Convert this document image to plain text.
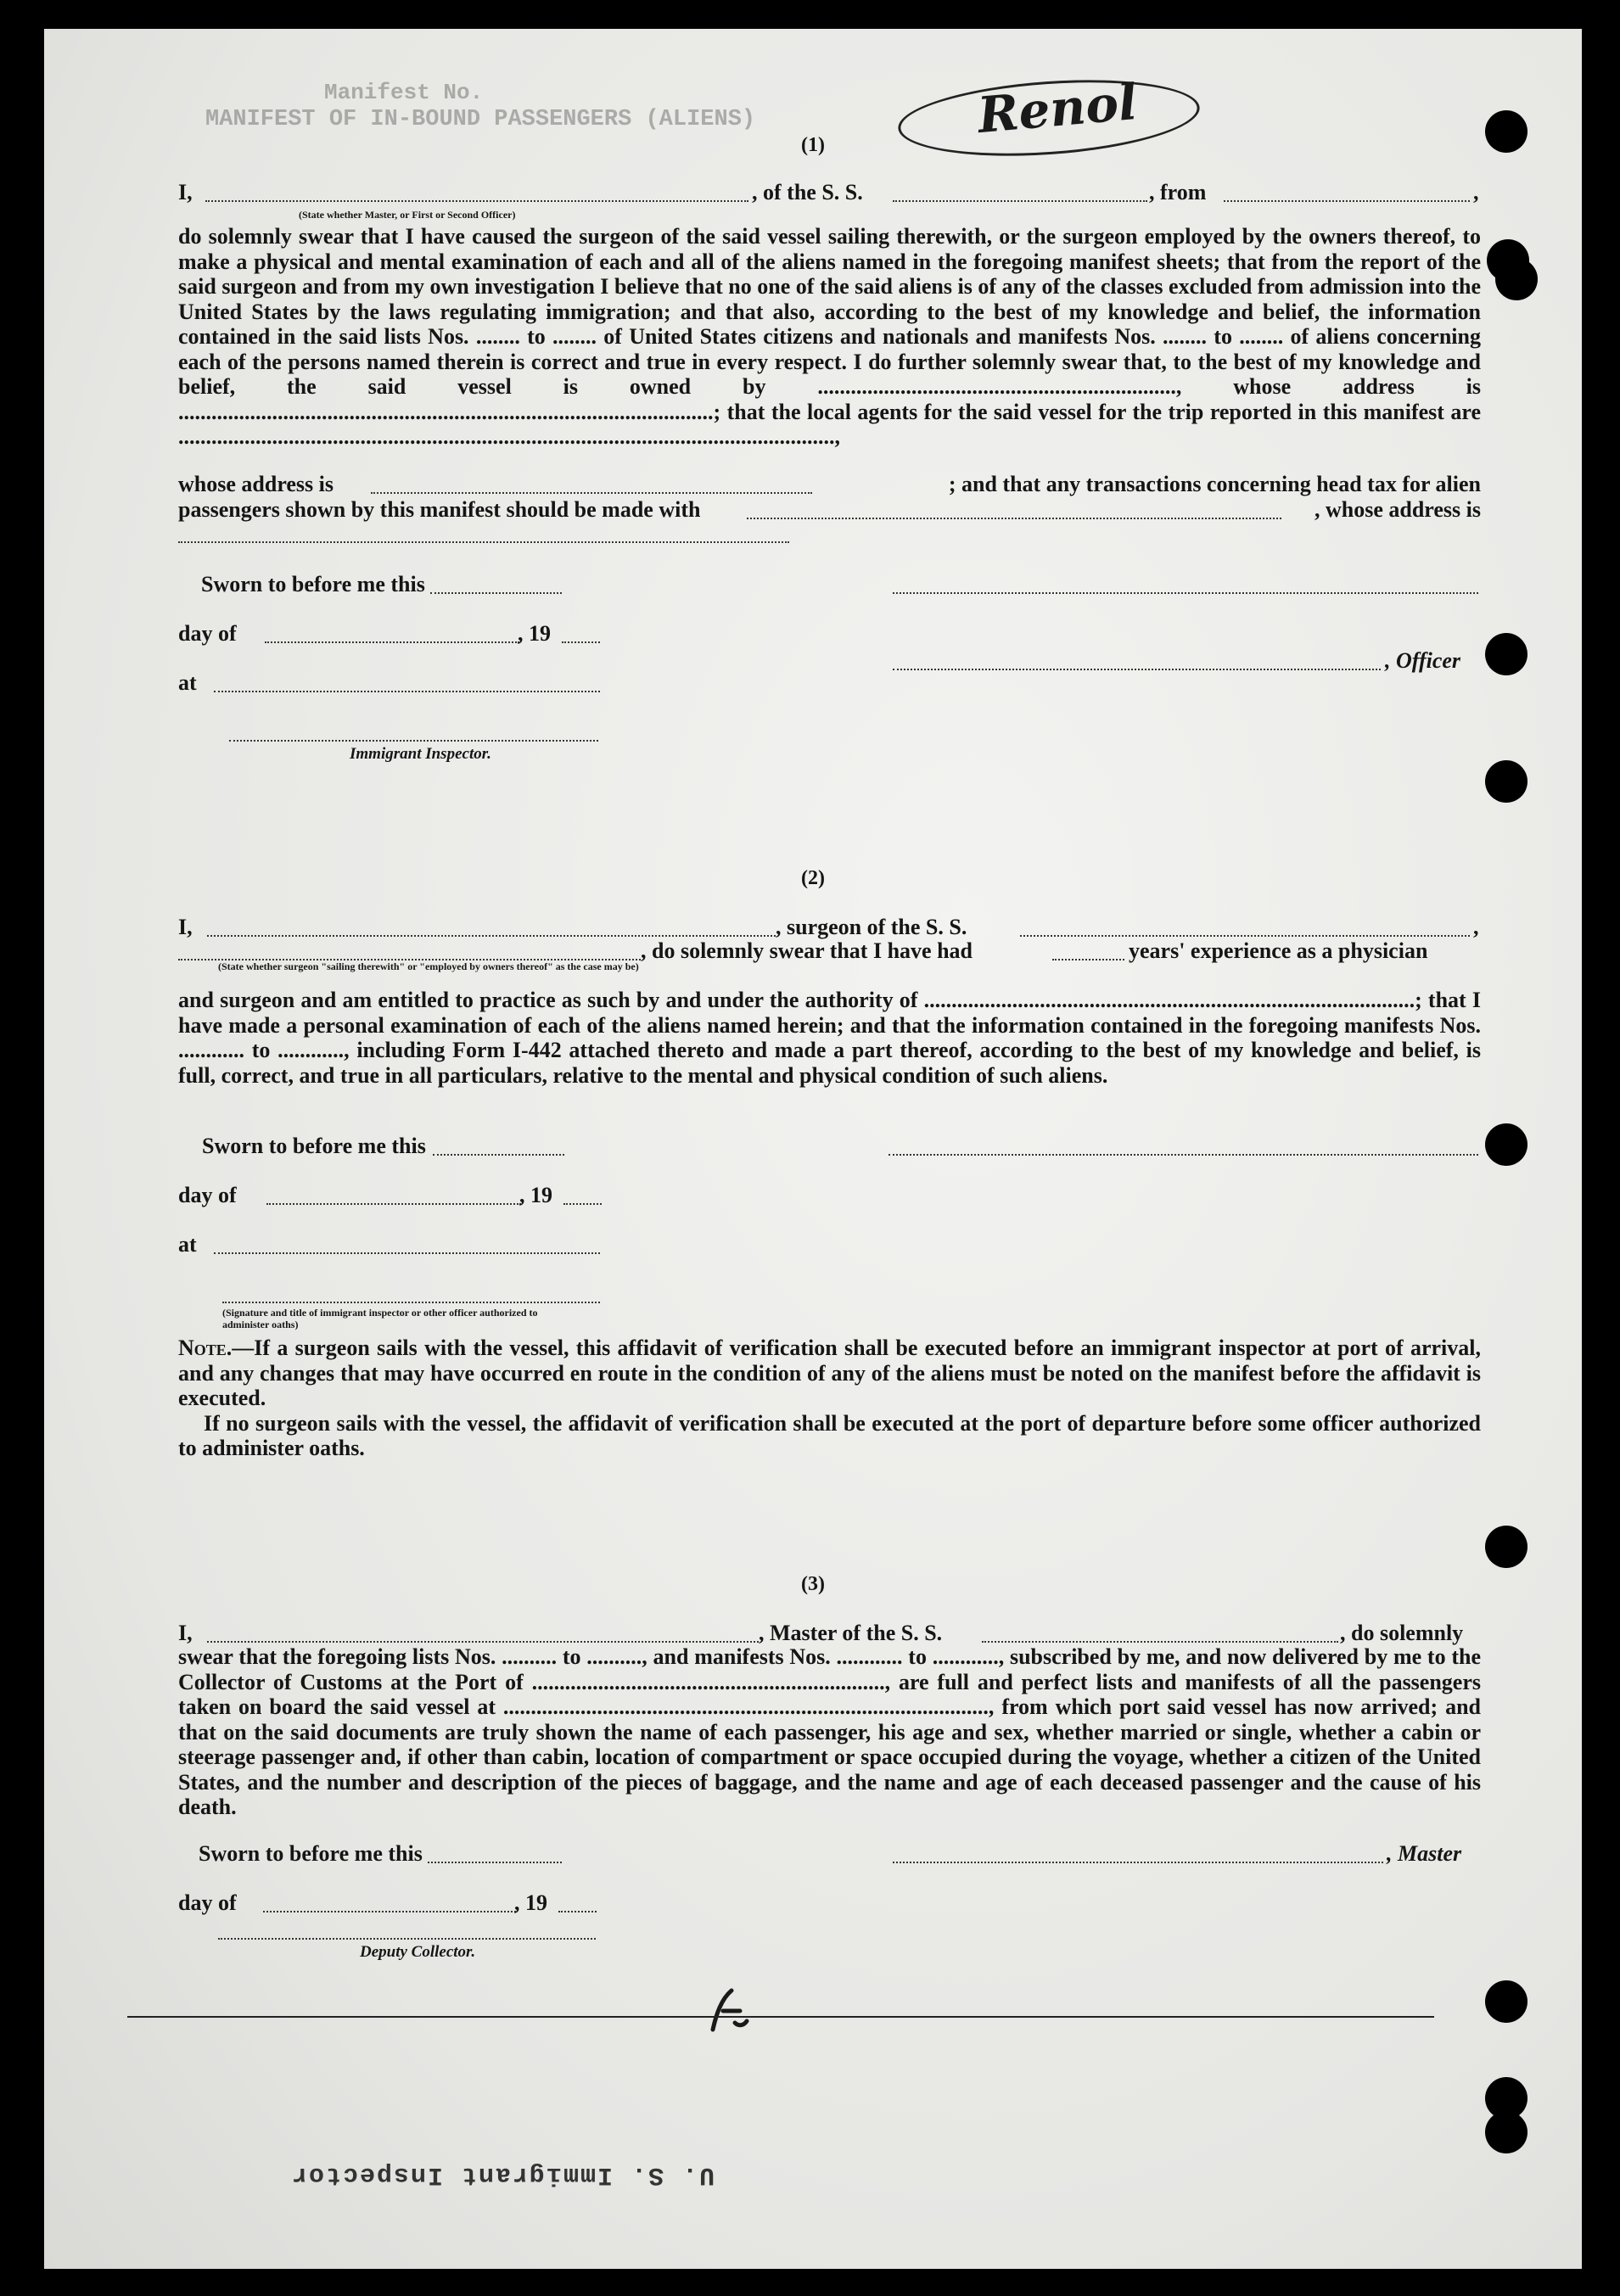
Manifest No.
MANIFEST OF IN-BOUND PASSENGERS (ALIENS)	Renol
(1)
I,	, of the S. S.	, from	,
(State whether Master, or First or Second Officer)

do solemnly swear that I have caused the surgeon of the said vessel sailing therewith, or the surgeon employed by the owners thereof, to make a physical and mental examination of each and all of the aliens named in the foregoing manifest sheets; that from the report of the said surgeon and from my own investigation I believe that no one of the said aliens is of any of the classes excluded from admission into the United States by the laws regulating immigration; and that also, according to the best of my knowledge and belief, the information contained in the said lists Nos. ........ to ........ of United States citizens and nationals and manifests Nos. ........ to ........ of aliens concerning each of the persons named therein is correct and true in every respect. I do further solemnly swear that, to the best of my knowledge and belief, the said vessel is owned by ................................................................., whose address is .................................................................................................; that the local agents for the said vessel for the trip reported in this manifest are .......................................................................................................................,

whose address is	; and that any transactions concerning head tax for alien
passengers shown by this manifest should be made with	, whose address is
Sworn to before me this
day of	, 19
, Officer
at
Immigrant Inspector.
(2)
I,	, surgeon of the S. S.	,
, do solemnly swear that I have had	years' experience as a physician
(State whether surgeon "sailing therewith" or "employed by owners thereof" as the case may be)

and surgeon and am entitled to practice as such by and under the authority of .........................................................................................; that I have made a personal examination of each of the aliens named herein; and that the information contained in the foregoing manifests Nos. ............ to ............, including Form I-442 attached thereto and made a part thereof, according to the best of my knowledge and belief, is full, correct, and true in all particulars, relative to the mental and physical condition of such aliens.

Sworn to before me this
day of	, 19
at
(Signature and title of immigrant inspector or other officer authorized to administer oaths)

Note.—If a surgeon sails with the vessel, this affidavit of verification shall be executed before an immigrant inspector at port of arrival, and any changes that may have occurred en route in the condition of any of the aliens must be noted on the manifest before the affidavit is executed.

If no surgeon sails with the vessel, the affidavit of verification shall be executed at the port of departure before some officer authorized to administer oaths.

(3)
I,	, Master of the S. S.	, do solemnly

swear that the foregoing lists Nos. .......... to .........., and manifests Nos. ............ to ............, subscribed by me, and now delivered by me to the Collector of Customs at the Port of ................................................................, are full and perfect lists and manifests of all the passengers taken on board the said vessel at ........................................................................................, from which port said vessel has now arrived; and that on the said documents are truly shown the name of each passenger, his age and sex, whether married or single, whether a cabin or steerage passenger and, if other than cabin, location of compartment or space occupied during the voyage, whether a citizen of the United States, and the number and description of the pieces of baggage, and the name and age of each deceased passenger and the cause of his death.

Sworn to before me this	, Master
day of	, 19
Deputy Collector.
U. S. Immigrant Inspector
